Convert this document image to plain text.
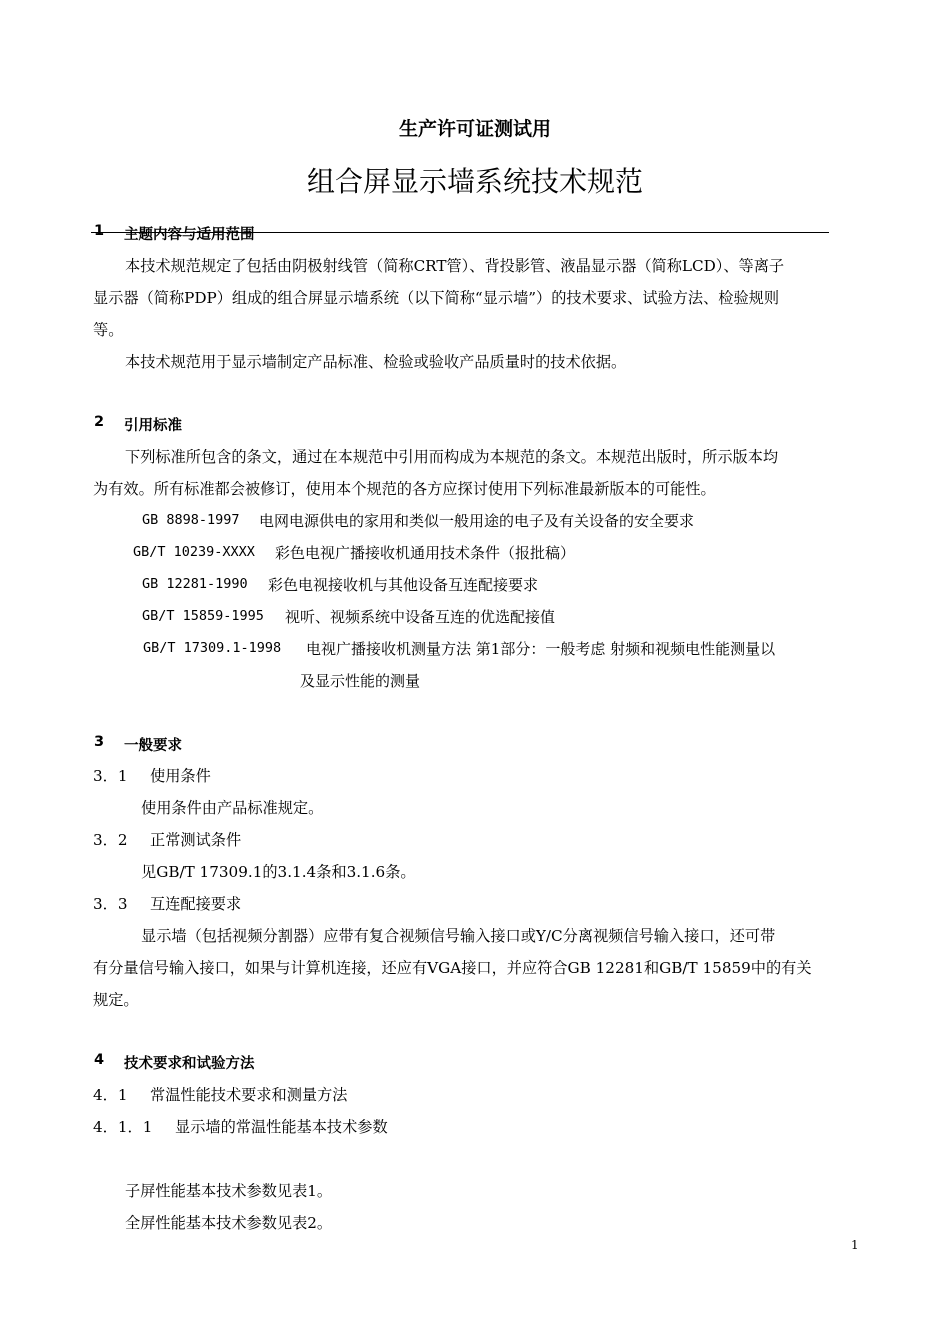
生产许可证测试用
组合屏显示墙系统技术规范
1 主题内容与适用范围
本技术规范规定了包括由阴极射线管（简称CRT管）、背投影管、液晶显示器（简称LCD）、等离子
显示器（简称PDP）组成的组合屏显示墙系统（以下简称“显示墙”）的技术要求、试验方法、检验规则
等。
本技术规范用于显示墙制定产品标准、检验或验收产品质量时的技术依据。
2 引用标准
下列标准所包含的条文，通过在本规范中引用而构成为本规范的条文。本规范出版时，所示版本均
为有效。所有标准都会被修订，使用本个规范的各方应探讨使用下列标准最新版本的可能性。
GB 8898-1997 电网电源供电的家用和类似一般用途的电子及有关设备的安全要求
GB/T 10239-XXXX 彩色电视广播接收机通用技术条件（报批稿）
GB 12281-1990 彩色电视接收机与其他设备互连配接要求
GB/T 15859-1995 视听、视频系统中设备互连的优选配接值
GB/T 17309.1-1998 电视广播接收机测量方法 第1部分：一般考虑 射频和视频电性能测量以
及显示性能的测量
3 一般要求
3．1 使用条件
使用条件由产品标准规定。
3．2 正常测试条件
见GB/T 17309.1的3.1.4条和3.1.6条。
3．3 互连配接要求
显示墙（包括视频分割器）应带有复合视频信号输入接口或Y/C分离视频信号输入接口，还可带
有分量信号输入接口，如果与计算机连接，还应有VGA接口，并应符合GB 12281和GB/T 15859中的有关
规定。
4 技术要求和试验方法
4．1 常温性能技术要求和测量方法
4．1．1 显示墙的常温性能基本技术参数
子屏性能基本技术参数见表1。
全屏性能基本技术参数见表2。
1
